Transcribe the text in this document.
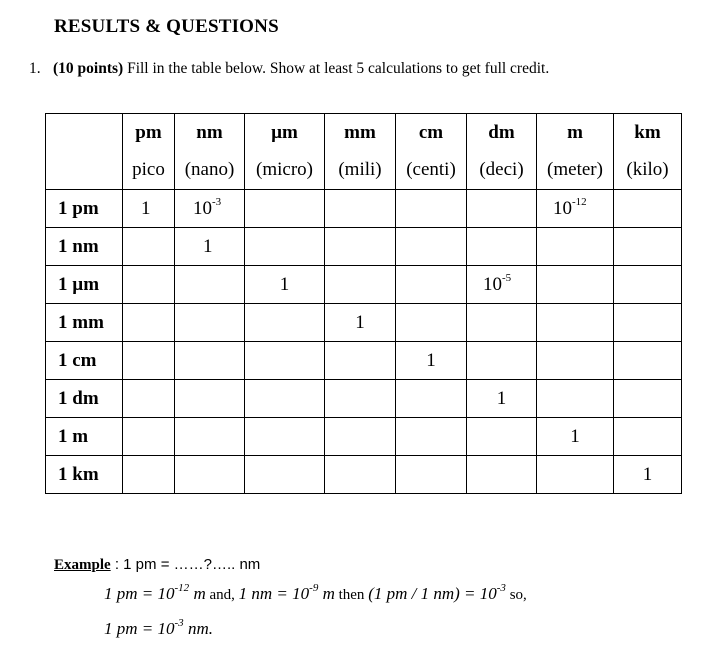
RESULTS & QUESTIONS
1. (10 points) Fill in the table below. Show at least 5 calculations to get full credit.
	pm	nm	µm	mm	cm	dm	m	km
	pico	(nano)	(micro)	(mili)	(centi)	(deci)	(meter)	(kilo)
1 pm	1	$10^{-3}$					$10^{-12}$	
1 nm		1						
1 µm			1			$10^{-5}$		
1 mm				1				
1 cm					1			
1 dm						1		
1 m							1	
1 km								1
Example : 1 pm = ……?….. nm
1 pm = $10^{-12}$ m and, 1 nm = $10^{-9}$ m then (1 pm / 1 $nm) = 10^{-3}$ so,
1 pm = $10^{-3}$ nm.
